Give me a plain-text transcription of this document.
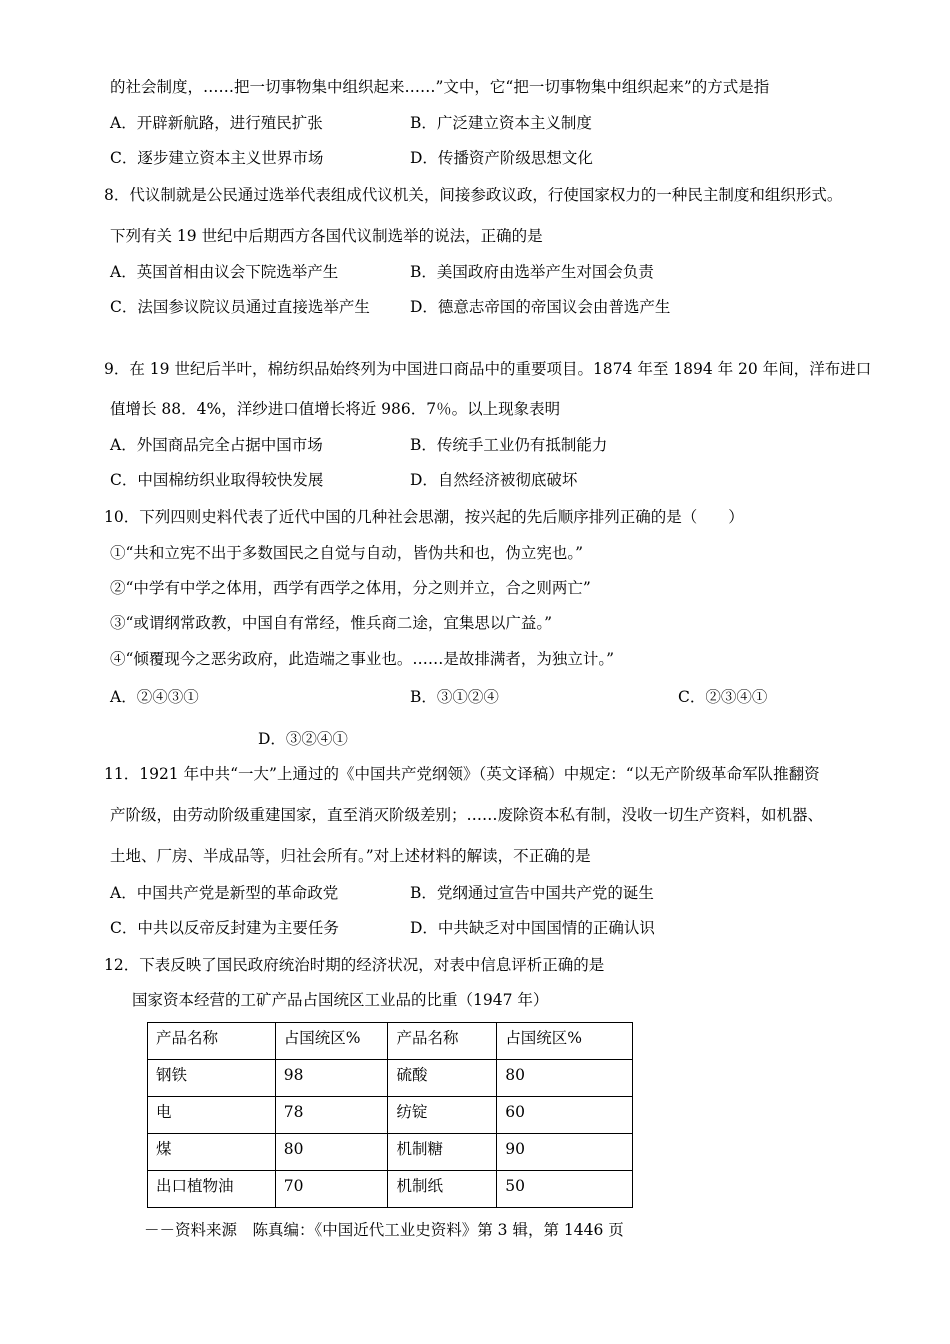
的社会制度，……把一切事物集中组织起来……”文中，它“把一切事物集中组织起来”的方式是指
A．开辟新航路，进行殖民扩张	B．广泛建立资本主义制度
C．逐步建立资本主义世界市场	D．传播资产阶级思想文化
8．代议制就是公民通过选举代表组成代议机关，间接参政议政，行使国家权力的一种民主制度和组织形式。
下列有关 19 世纪中后期西方各国代议制选举的说法，正确的是
A．英国首相由议会下院选举产生	B．美国政府由选举产生对国会负责
C．法国参议院议员通过直接选举产生	D．德意志帝国的帝国议会由普选产生
9．在 19 世纪后半叶，棉纺织品始终列为中国进口商品中的重要项目。1874 年至 1894 年 20 年间，洋布进口
值增长 88．4%，洋纱进口值增长将近 986．7％。以上现象表明
A．外国商品完全占据中国市场	B．传统手工业仍有抵制能力
C．中国棉纺织业取得较快发展	D．自然经济被彻底破坏
10．下列四则史料代表了近代中国的几种社会思潮，按兴起的先后顺序排列正确的是（　　）
①“共和立宪不出于多数国民之自觉与自动，皆伪共和也，伪立宪也。”
②“中学有中学之体用，西学有西学之体用，分之则并立，合之则两亡”
③“或谓纲常政教，中国自有常经，惟兵商二途，宜集思以广益。”
④“倾覆现今之恶劣政府，此造端之事业也。……是故排满者，为独立计。”
A．②④③①	B．③①②④	C．②③④①
D．③②④①
11．1921 年中共“一大”上通过的《中国共产党纲领》（英文译稿）中规定：“以无产阶级革命军队推翻资
产阶级，由劳动阶级重建国家，直至消灭阶级差别；……废除资本私有制，没收一切生产资料，如机器、
土地、厂房、半成品等，归社会所有。”对上述材料的解读，不正确的是
A．中国共产党是新型的革命政党	B．党纲通过宣告中国共产党的诞生
C．中共以反帝反封建为主要任务	D．中共缺乏对中国国情的正确认识
12．下表反映了国民政府统治时期的经济状况，对表中信息评析正确的是
国家资本经营的工矿产品占国统区工业品的比重（1947 年）
产品名称	占国统区%	产品名称	占国统区%
钢铁	98	硫酸	80
电	78	纺锭	60
煤	80	机制糖	90
出口植物油	70	机制纸	50
－－资料来源　陈真编：《中国近代工业史资料》第 3 辑，第 1446 页
